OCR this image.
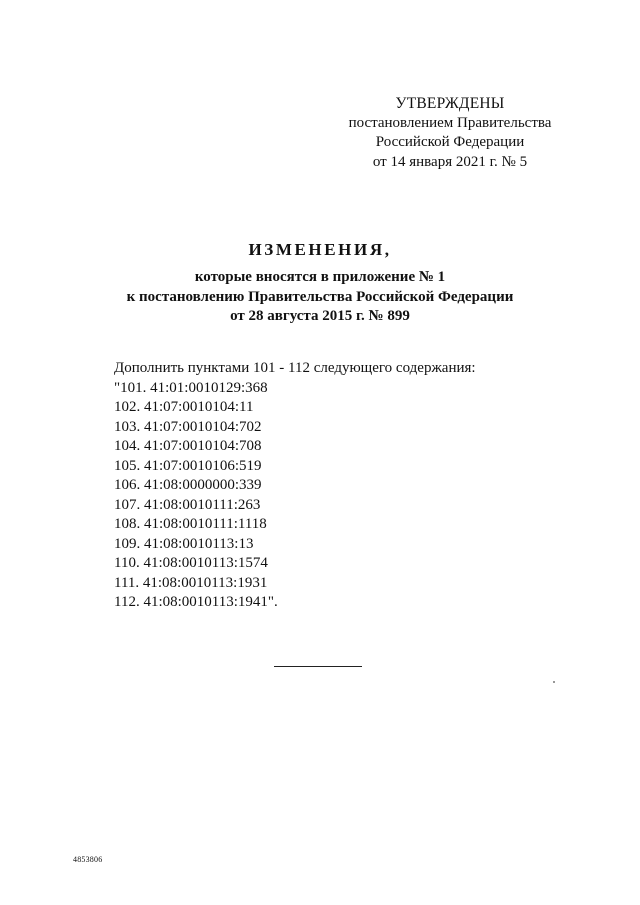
УТВЕРЖДЕНЫ
постановлением Правительства
Российской Федерации
от 14 января 2021 г. № 5
ИЗМЕНЕНИЯ,
которые вносятся в приложение № 1
к постановлению Правительства Российской Федерации
от 28 августа 2015 г. № 899
Дополнить пунктами 101 - 112 следующего содержания:
"101. 41:01:0010129:368
102. 41:07:0010104:11
103. 41:07:0010104:702
104. 41:07:0010104:708
105. 41:07:0010106:519
106. 41:08:0000000:339
107. 41:08:0010111:263
108. 41:08:0010111:1118
109. 41:08:0010113:13
110. 41:08:0010113:1574
111. 41:08:0010113:1931
112. 41:08:0010113:1941".
4853806
